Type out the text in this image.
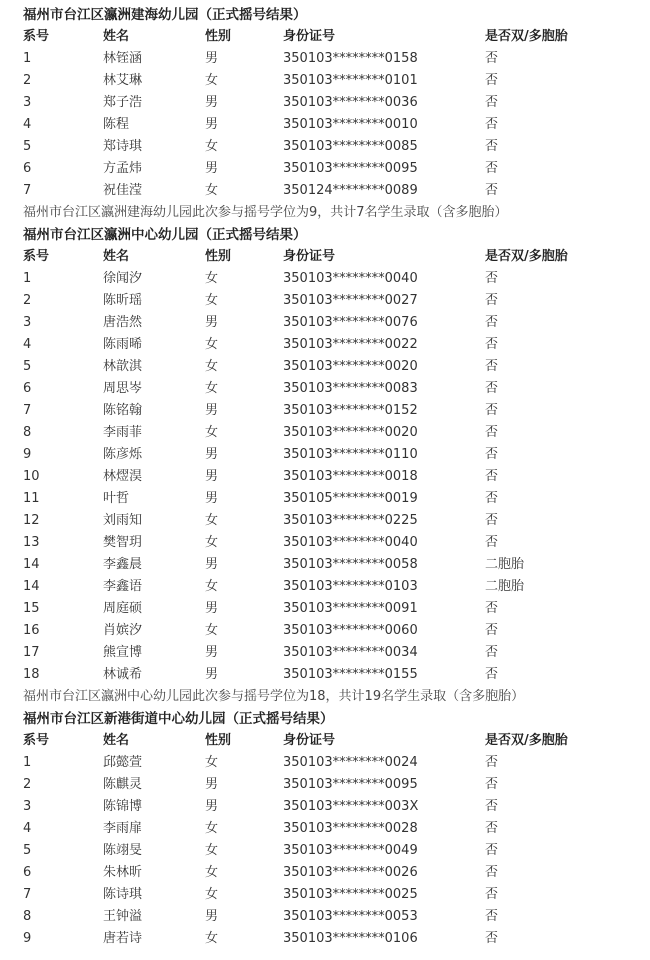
福州市台江区瀛洲建海幼儿园（正式摇号结果）
系号	姓名	性别	身份证号	是否双/多胞胎
1	林铚涵	男	350103********0158	否
2	林艾琳	女	350103********0101	否
3	郑子浩	男	350103********0036	否
4	陈程	男	350103********0010	否
5	郑诗琪	女	350103********0085	否
6	方孟炜	男	350103********0095	否
7	祝佳滢	女	350124********0089	否
福州市台江区瀛洲建海幼儿园此次参与摇号学位为9，共计7名学生录取（含多胞胎）
福州市台江区瀛洲中心幼儿园（正式摇号结果）
系号	姓名	性别	身份证号	是否双/多胞胎
1	徐闻汐	女	350103********0040	否
2	陈昕瑶	女	350103********0027	否
3	唐浩然	男	350103********0076	否
4	陈雨晞	女	350103********0022	否
5	林歆淇	女	350103********0020	否
6	周思岑	女	350103********0083	否
7	陈铭翰	男	350103********0152	否
8	李雨菲	女	350103********0020	否
9	陈彦烁	男	350103********0110	否
10	林熤淏	男	350103********0018	否
11	叶哲	男	350105********0019	否
12	刘雨知	女	350103********0225	否
13	樊智玥	女	350103********0040	否
14	李鑫晨	男	350103********0058	二胞胎
14	李鑫语	女	350103********0103	二胞胎
15	周庭硕	男	350103********0091	否
16	肖嫔汐	女	350103********0060	否
17	熊宣博	男	350103********0034	否
18	林诚希	男	350103********0155	否
福州市台江区瀛洲中心幼儿园此次参与摇号学位为18，共计19名学生录取（含多胞胎）
福州市台江区新港街道中心幼儿园（正式摇号结果）
系号	姓名	性别	身份证号	是否双/多胞胎
1	邱懿萱	女	350103********0024	否
2	陈麒灵	男	350103********0095	否
3	陈锦博	男	350103********003X	否
4	李雨扉	女	350103********0028	否
5	陈翊旻	女	350103********0049	否
6	朱林昕	女	350103********0026	否
7	陈诗琪	女	350103********0025	否
8	王钟溢	男	350103********0053	否
9	唐若诗	女	350103********0106	否
